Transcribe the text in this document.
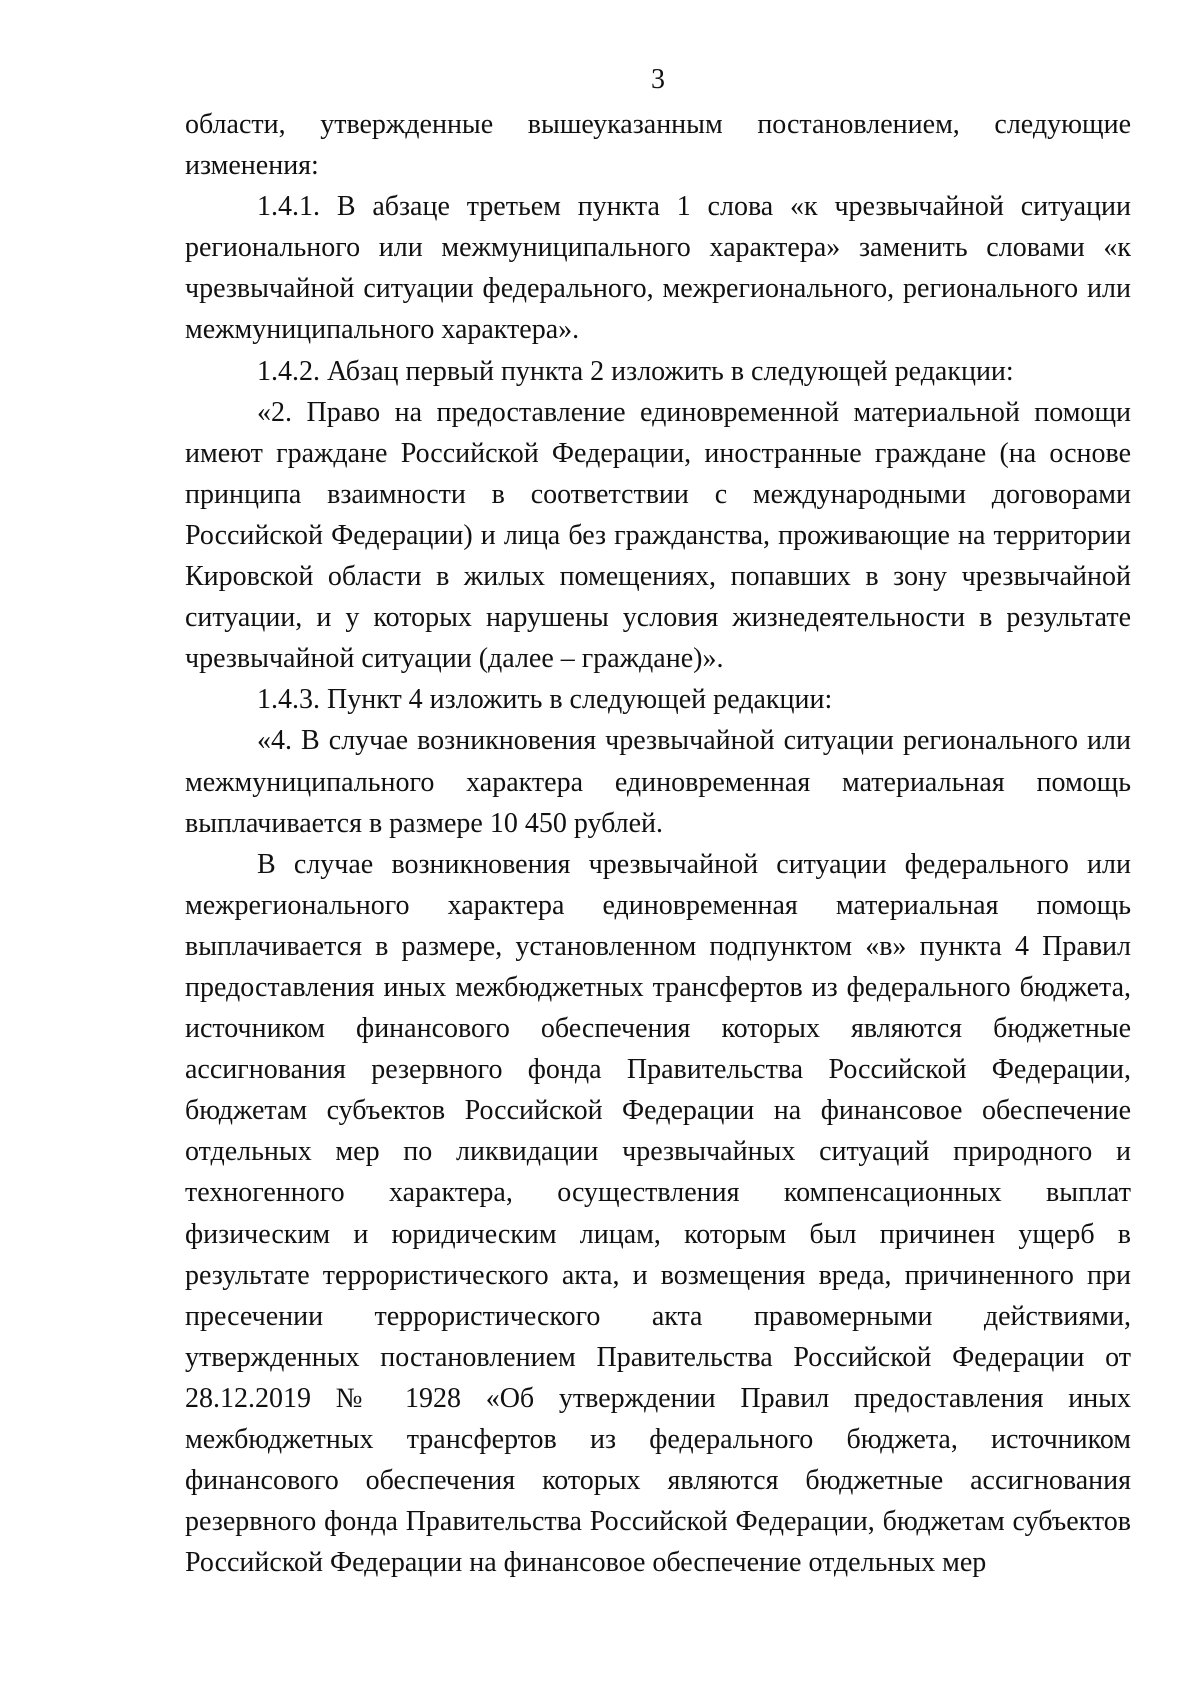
3

области, утвержденные вышеуказанным постановлением, следующие изменения:

1.4.1. В абзаце третьем пункта 1 слова «к чрезвычайной ситуации регионального или межмуниципального характера» заменить словами «к чрезвычайной ситуации федерального, межрегионального, регионального или межмуниципального характера».

1.4.2. Абзац первый пункта 2 изложить в следующей редакции:

«2. Право на предоставление единовременной материальной помощи имеют граждане Российской Федерации, иностранные граждане (на основе принципа взаимности в соответствии с международными договорами Российской Федерации) и лица без гражданства, проживающие на территории Кировской области в жилых помещениях, попавших в зону чрезвычайной ситуации, и у которых нарушены условия жизнедеятельности в результате чрезвычайной ситуации (далее – граждане)».

1.4.3. Пункт 4 изложить в следующей редакции:

«4. В случае возникновения чрезвычайной ситуации регионального или межмуниципального характера единовременная материальная помощь выплачивается в размере 10 450 рублей.

В случае возникновения чрезвычайной ситуации федерального или межрегионального характера единовременная материальная помощь выплачивается в размере, установленном подпунктом «в» пункта 4 Правил предоставления иных межбюджетных трансфертов из федерального бюджета, источником финансового обеспечения которых являются бюджетные ассигнования резервного фонда Правительства Российской Федерации, бюджетам субъектов Российской Федерации на финансовое обеспечение отдельных мер по ликвидации чрезвычайных ситуаций природного и техногенного характера, осуществления компенсационных выплат физическим и юридическим лицам, которым был причинен ущерб в результате террористического акта, и возмещения вреда, причиненного при пресечении террористического акта правомерными действиями, утвержденных постановлением Правительства Российской Федерации от 28.12.2019 № 1928 «Об утверждении Правил предоставления иных межбюджетных трансфертов из федерального бюджета, источником финансового обеспечения которых являются бюджетные ассигнования резервного фонда Правительства Российской Федерации, бюджетам субъектов Российской Федерации на финансовое обеспечение отдельных мер
